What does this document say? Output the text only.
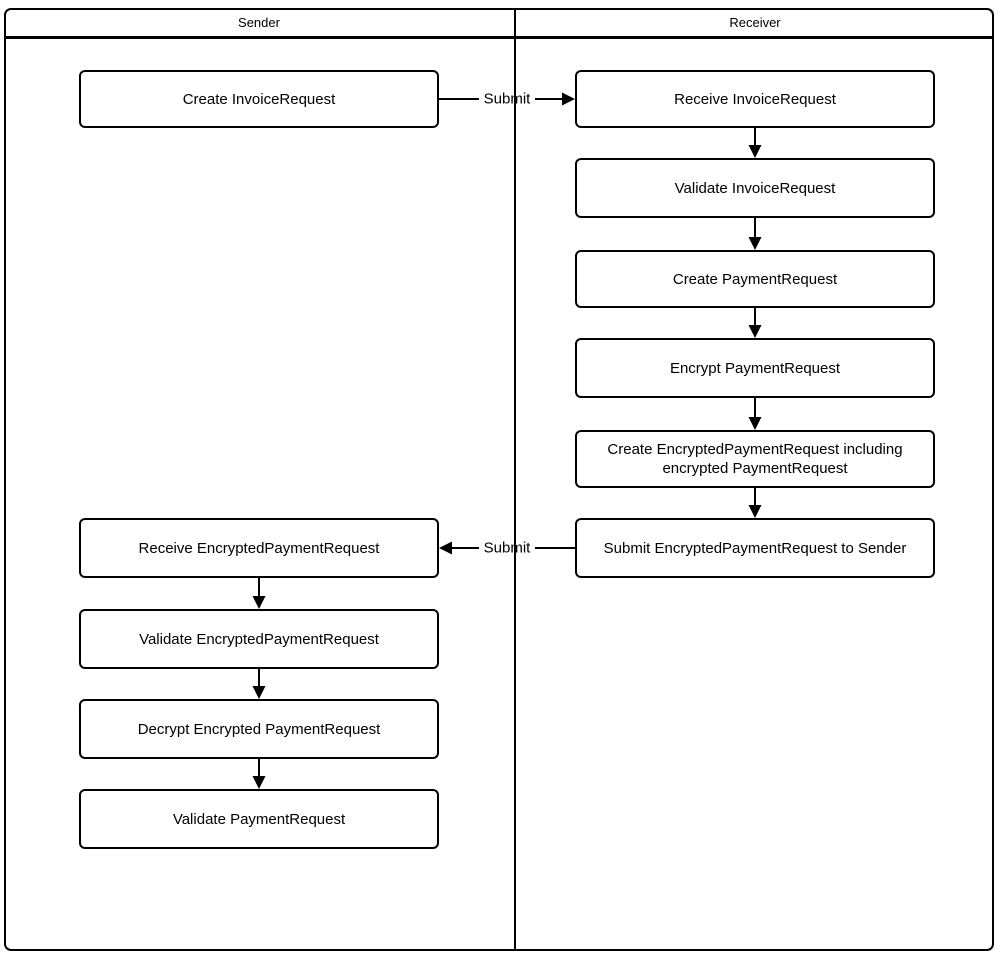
Sender	Receiver
Create InvoiceRequest	Receive InvoiceRequest
Validate InvoiceRequest
Create PaymentRequest
Encrypt PaymentRequest
Create EncryptedPaymentRequest including encrypted PaymentRequest
Submit EncryptedPaymentRequest to Sender
Receive EncryptedPaymentRequest
Validate EncryptedPaymentRequest
Decrypt Encrypted PaymentRequest
Validate PaymentRequest
Submit
Submit
